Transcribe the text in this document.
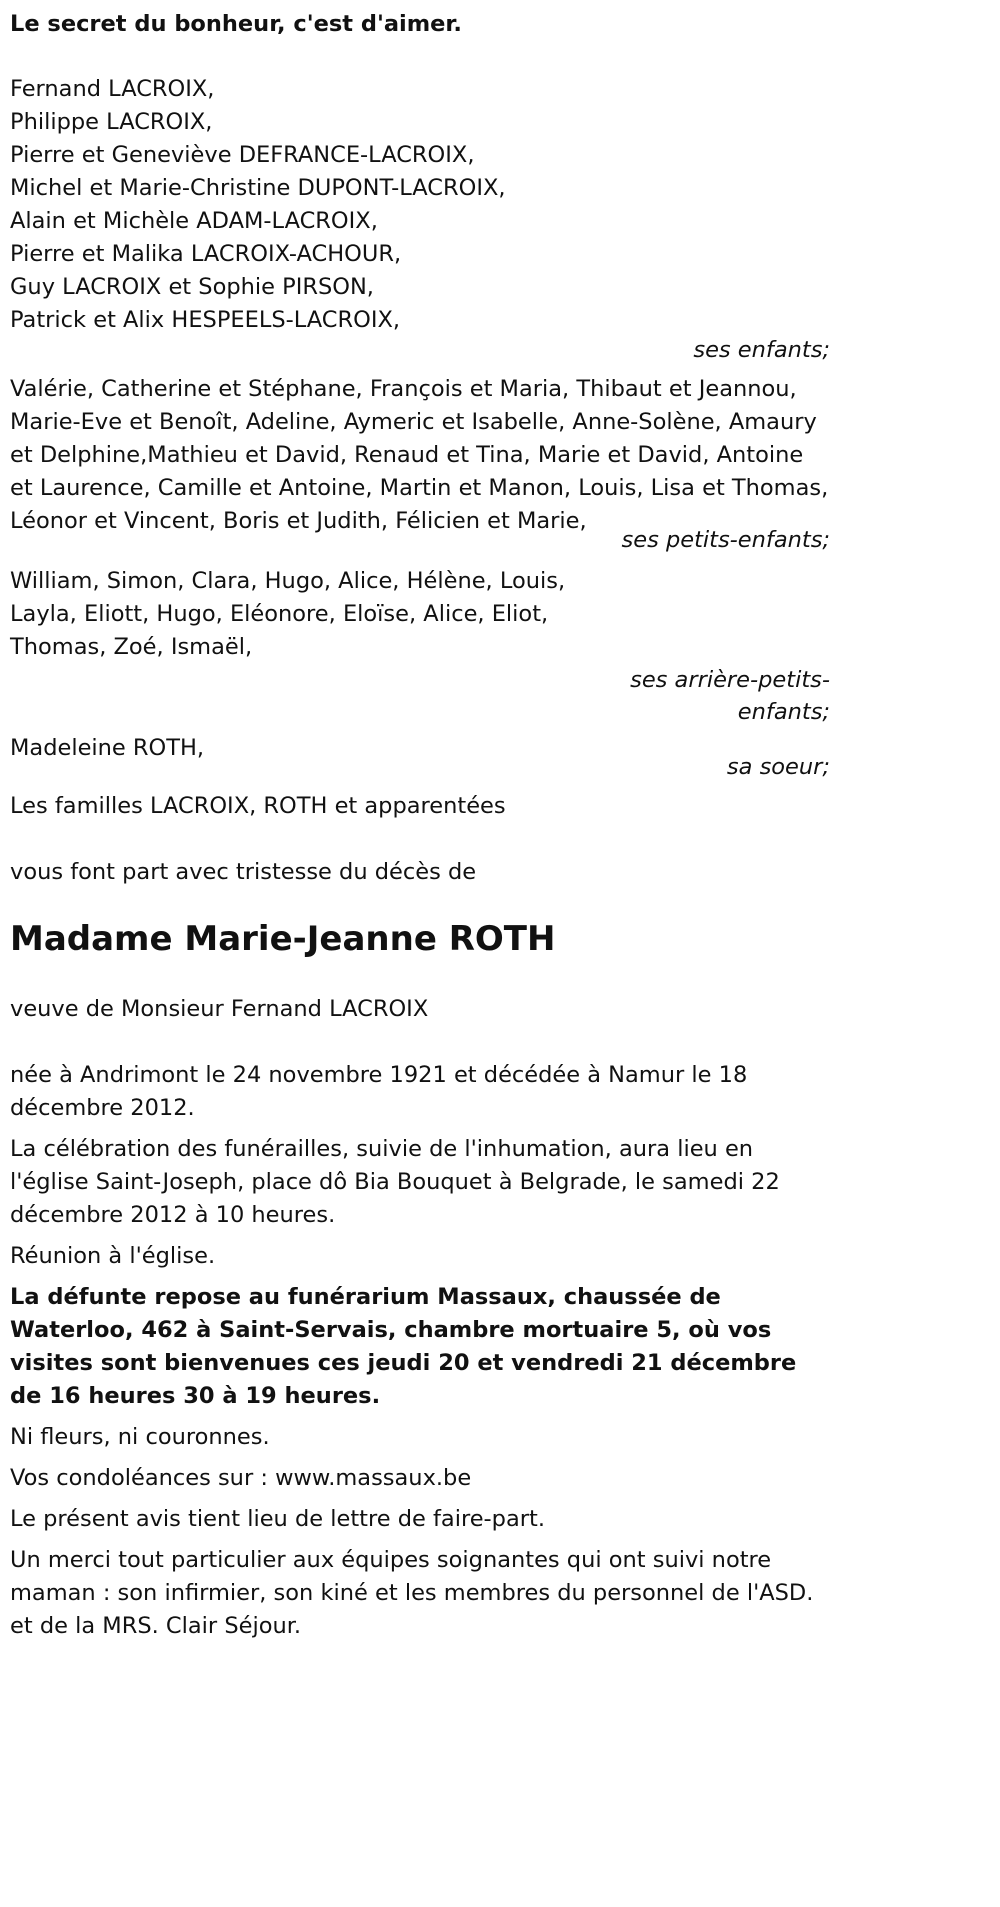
Le secret du bonheur, c'est d'aimer.

Fernand LACROIX,
Philippe LACROIX,
Pierre et Geneviève DEFRANCE-LACROIX,
Michel et Marie-Christine DUPONT-LACROIX,
Alain et Michèle ADAM-LACROIX,
Pierre et Malika LACROIX-ACHOUR,
Guy LACROIX et Sophie PIRSON,
Patrick et Alix HESPEELS-LACROIX,
ses enfants;

Valérie, Catherine et Stéphane, François et Maria, Thibaut et Jeannou, Marie-Eve et Benoît, Adeline, Aymeric et Isabelle, Anne-Solène, Amaury et Delphine,Mathieu et David, Renaud et Tina, Marie et David, Antoine et Laurence, Camille et Antoine, Martin et Manon, Louis, Lisa et Thomas, Léonor et Vincent, Boris et Judith, Félicien et Marie,

ses petits-enfants;

William, Simon, Clara, Hugo, Alice, Hélène, Louis, Layla, Eliott, Hugo, Eléonore, Eloïse, Alice, Eliot, Thomas, Zoé, Ismaël,

ses arrière-petits-enfants;

Madeleine ROTH,

sa soeur;

Les familles LACROIX, ROTH et apparentées

vous font part avec tristesse du décès de

Madame Marie-Jeanne ROTH

veuve de Monsieur Fernand LACROIX

née à Andrimont le 24 novembre 1921 et décédée à Namur le 18 décembre 2012.

La célébration des funérailles, suivie de l'inhumation, aura lieu en l'église Saint-Joseph, place dô Bia Bouquet à Belgrade, le samedi 22 décembre 2012 à 10 heures.

Réunion à l'église.

La défunte repose au funérarium Massaux, chaussée de Waterloo, 462 à Saint-Servais, chambre mortuaire 5, où vos visites sont bienvenues ces jeudi 20 et vendredi 21 décembre de 16 heures 30 à 19 heures.

Ni fleurs, ni couronnes.

Vos condoléances sur : www.massaux.be

Le présent avis tient lieu de lettre de faire-part.

Un merci tout particulier aux équipes soignantes qui ont suivi notre maman : son infirmier, son kiné et les membres du personnel de l'ASD. et de la MRS. Clair Séjour.
